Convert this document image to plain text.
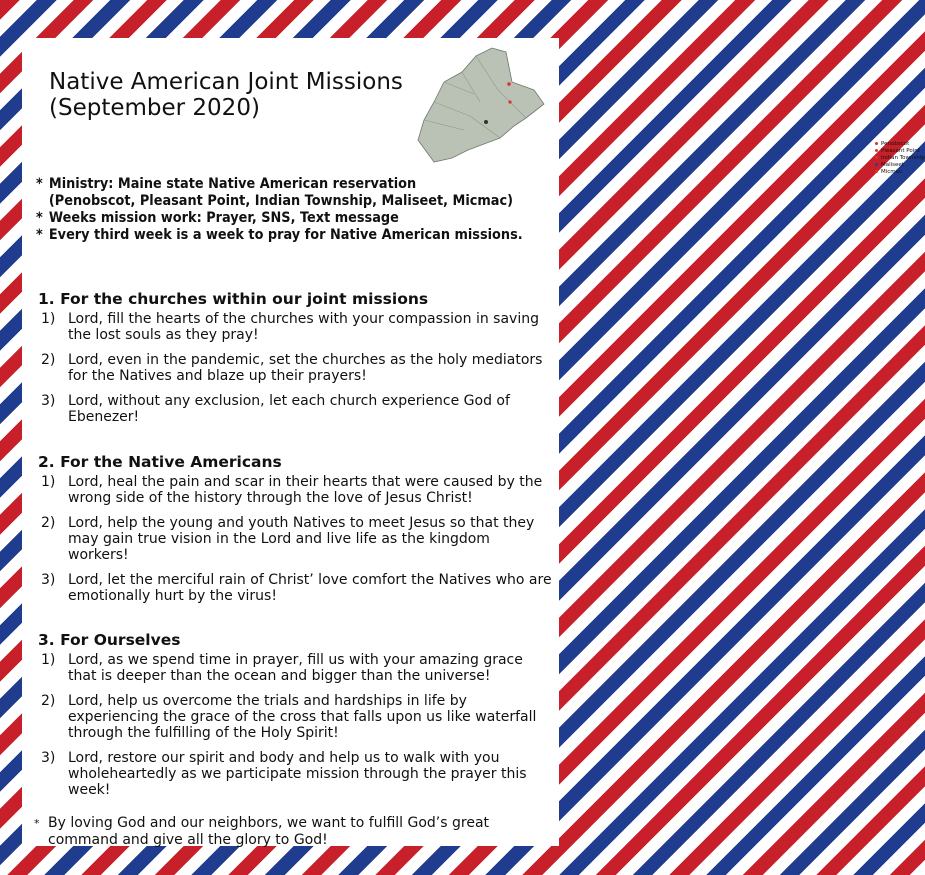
Native American Joint Missions
(September 2020)
Penobscot
Pleasant Point
Indian Township
Maliseet
Micmac
* Ministry: Maine state Native American reservation
(Penobscot, Pleasant Point, Indian Township, Maliseet, Micmac)
* Weeks mission work: Prayer, SNS, Text message
* Every third week is a week to pray for Native American missions.
1. For the churches within our joint missions
1) Lord, fill the hearts of the churches with your compassion in saving the lost souls as they pray!
2) Lord, even in the pandemic, set the churches as the holy mediators for the Natives and blaze up their prayers!
3) Lord, without any exclusion, let each church experience God of Ebenezer!
2. For the Native Americans
1) Lord, heal the pain and scar in their hearts that were caused by the wrong side of the history through the love of Jesus Christ!
2) Lord, help the young and youth Natives to meet Jesus so that they may gain true vision in the Lord and live life as the kingdom workers!
3) Lord, let the merciful rain of Christ’ love comfort the Natives who are emotionally hurt by the virus!
3. For Ourselves
1) Lord, as we spend time in prayer, fill us with your amazing grace that is deeper than the ocean and bigger than the universe!
2) Lord, help us overcome the trials and hardships in life by experiencing the grace of the cross that falls upon us like waterfall through the fulfilling of the Holy Spirit!
3) Lord, restore our spirit and body and help us to walk with you wholeheartedly as we participate mission through the prayer this week!
* By loving God and our neighbors, we want to fulfill God’s great command and give all the glory to God!
